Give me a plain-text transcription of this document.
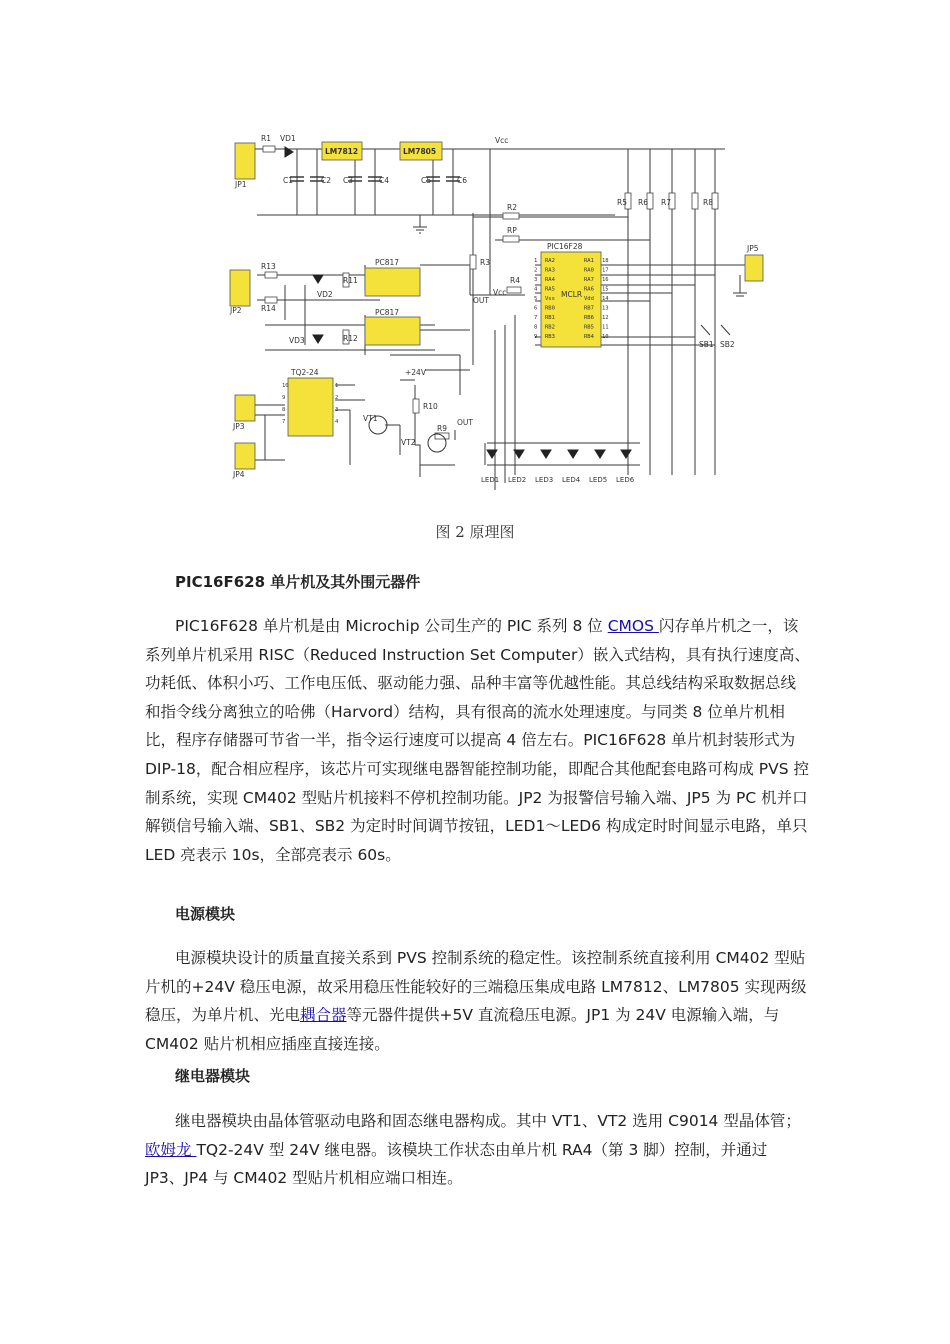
JP1
R1 VD1
LM7812	LM7805
Vcc
C1	C2 C3	C4	C5	C6
R5 R6 R7	R8
R2
RP
R3
R4
PIC16F28
MCLR
OUT
Vcc
JP5
JP2
R13
R14
VD2
VD3
R11
R12
PC817
PC817
TQ2-24	+24V
R10
VT1
VT2
R9
OUT
JP3
JP4
SB1 SB2
RA2
RA3
RA4
RA5
Vss
RB0
RB1
RB2
RB3
RA1
RA0
RA7
RA6
Vdd
RB7
RB6
RB5
RB4
1
2
3
4
5
6
7
8
9
18
17
16
15
14
13
12
11
10
10
9
8
7
1
2
3
4
LED1 LED2 LED3 LED4 LED5 LED6
图 2 原理图
PIC16F628 单片机及其外围元器件

PIC16F628 单片机是由 Microchip 公司生产的 PIC 系列 8 位 CMOS 闪存单片机之一，该系列单片机采用 RISC（Reduced Instruction Set Computer）嵌入式结构，具有执行速度高、功耗低、体积小巧、工作电压低、驱动能力强、品种丰富等优越性能。其总线结构采取数据总线和指令线分离独立的哈佛（Harvord）结构，具有很高的流水处理速度。与同类 8 位单片机相比，程序存储器可节省一半，指令运行速度可以提高 4 倍左右。PIC16F628 单片机封装形式为 DIP-18，配合相应程序，该芯片可实现继电器智能控制功能，即配合其他配套电路可构成 PVS 控制系统，实现 CM402 型贴片机接料不停机控制功能。JP2 为报警信号输入端、JP5 为 PC 机并口解锁信号输入端、SB1、SB2 为定时时间调节按钮，LED1～LED6 构成定时时间显示电路，单只 LED 亮表示 10s，全部亮表示 60s。

电源模块

电源模块设计的质量直接关系到 PVS 控制系统的稳定性。该控制系统直接利用 CM402 型贴片机的+24V 稳压电源，故采用稳压性能较好的三端稳压集成电路 LM7812、LM7805 实现两级稳压，为单片机、光电耦合器等元器件提供+5V 直流稳压电源。JP1 为 24V 电源输入端，与 CM402 贴片机相应插座直接连接。

继电器模块

继电器模块由晶体管驱动电路和固态继电器构成。其中 VT1、VT2 选用 C9014 型晶体管；欧姆龙 TQ2-24V 型 24V 继电器。该模块工作状态由单片机 RA4（第 3 脚）控制，并通过 JP3、JP4 与 CM402 型贴片机相应端口相连。
